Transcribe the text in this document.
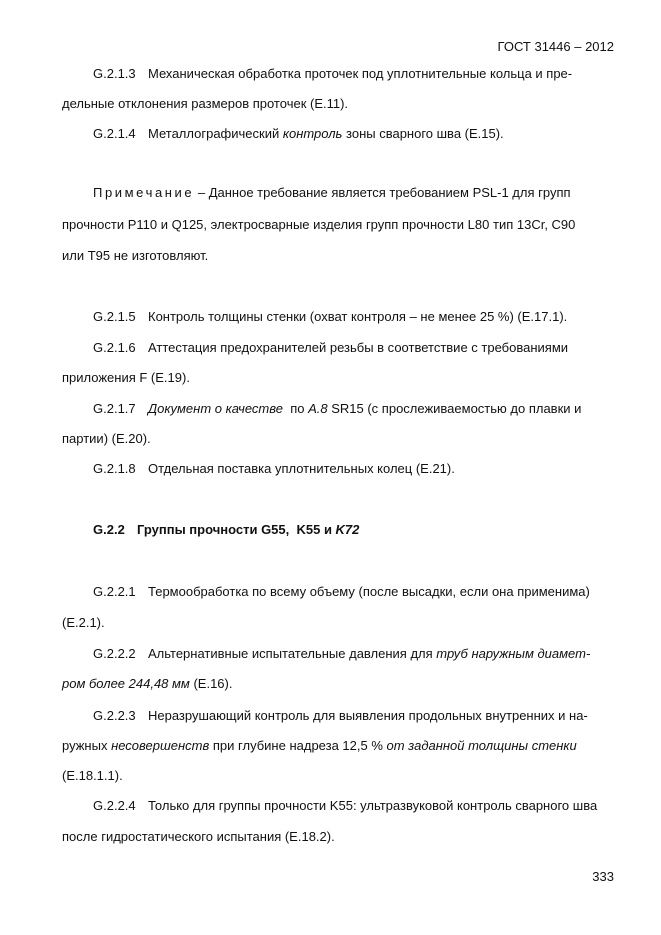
ГОСТ 31446 – 2012
G.2.1.3 Механическая обработка проточек под уплотнительные кольца и пре-
дельные отклонения размеров проточек (E.11).
G.2.1.4 Металлографический контроль зоны сварного шва (E.15).
Примечание – Данное требование является требованием PSL-1 для групп
прочности P110 и Q125, электросварные изделия групп прочности L80 тип 13Cr, C90
или T95 не изготовляют.
G.2.1.5 Контроль толщины стенки (охват контроля – не менее 25 %) (E.17.1).
G.2.1.6 Аттестация предохранителей резьбы в соответствие с требованиями
приложения F (E.19).
G.2.1.7 Документ о качестве  по A.8 SR15 (с прослеживаемостью до плавки и
партии) (E.20).
G.2.1.8 Отдельная поставка уплотнительных колец (E.21).
G.2.2 Группы прочности G55,  K55 и K72
G.2.2.1 Термообработка по всему объему (после высадки, если она применима)
(E.2.1).
G.2.2.2 Альтернативные испытательные давления для труб наружным диамет-
ром более 244,48 мм (E.16).
G.2.2.3 Неразрушающий контроль для выявления продольных внутренних и на-
ружных несовершенств при глубине надреза 12,5 % от заданной толщины стенки
(E.18.1.1).
G.2.2.4 Только для группы прочности K55: ультразвуковой контроль сварного шва
после гидростатического испытания (E.18.2).
333
